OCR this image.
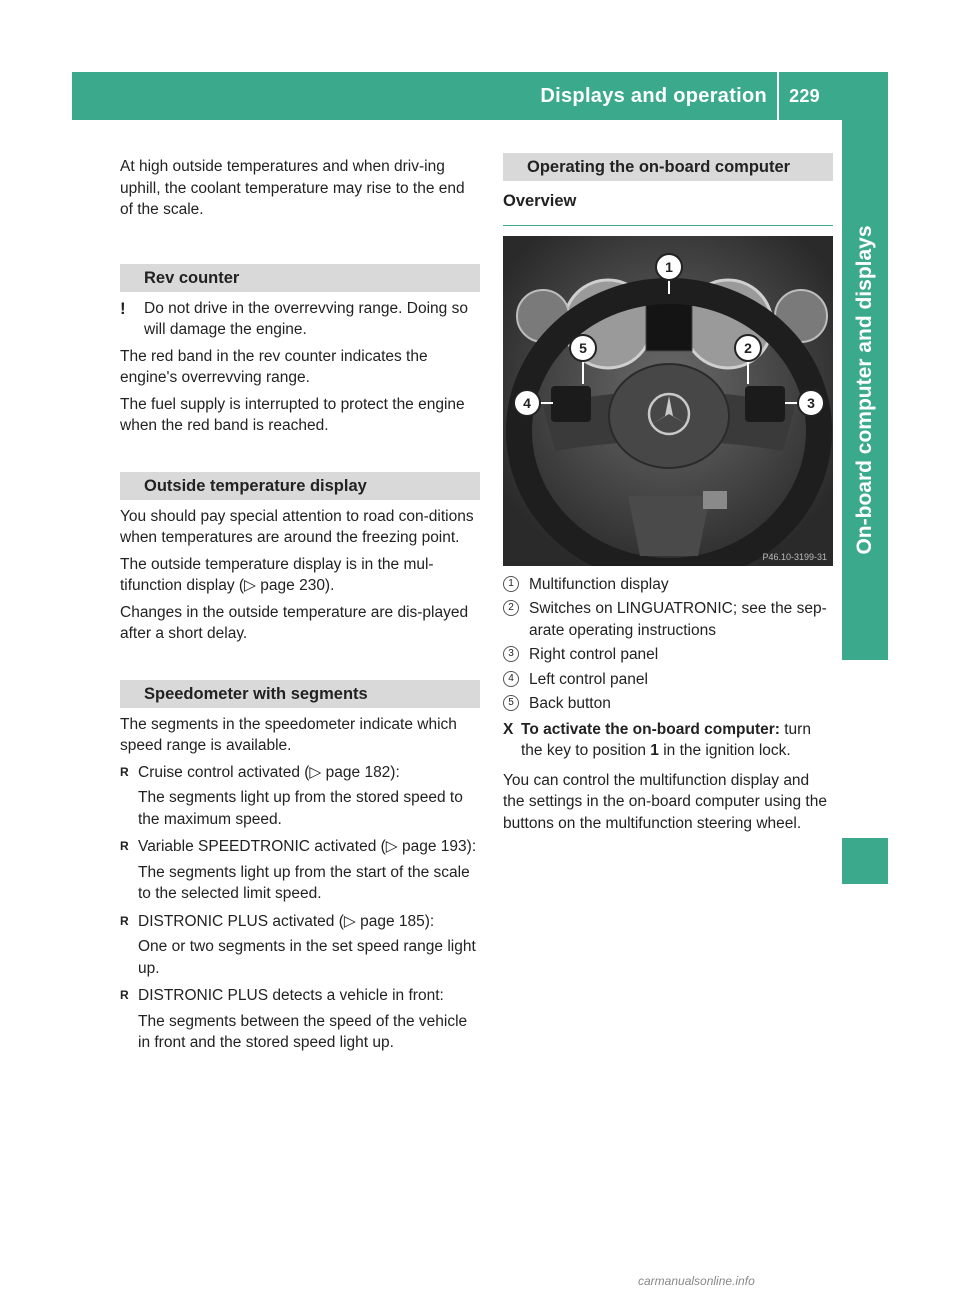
Displays and operation 229
On-board computer and displays

At high outside temperatures and when driv-ing uphill, the coolant temperature may rise to the end of the scale.

Rev counter
! Do not drive in the overrevving range. Doing so will damage the engine.

The red band in the rev counter indicates the engine's overrevving range.

The fuel supply is interrupted to protect the engine when the red band is reached.

Outside temperature display

You should pay special attention to road con-ditions when temperatures are around the freezing point.

The outside temperature display is in the mul-tifunction display (▷ page 230).

Changes in the outside temperature are dis-played after a short delay.

Speedometer with segments

The segments in the speedometer indicate which speed range is available.

R Cruise control activated (▷ page 182):

The segments light up from the stored speed to the maximum speed.

R Variable SPEEDTRONIC activated (▷ page 193):

The segments light up from the start of the scale to the selected limit speed.

R DISTRONIC PLUS activated (▷ page 185):

One or two segments in the set speed range light up.

R DISTRONIC PLUS detects a vehicle in front:

The segments between the speed of the vehicle in front and the stored speed light up.

Operating the on-board computer
Overview
1
2
3
4
5
P46.10-3199-31
1 Multifunction display
2 Switches on LINGUATRONIC; see the sep-arate operating instructions
3 Right control panel
4 Left control panel
5 Back button
X To activate the on-board computer: turn the key to position 1 in the ignition lock.

You can control the multifunction display and the settings in the on-board computer using the buttons on the multifunction steering wheel.

carmanualsonline.info
